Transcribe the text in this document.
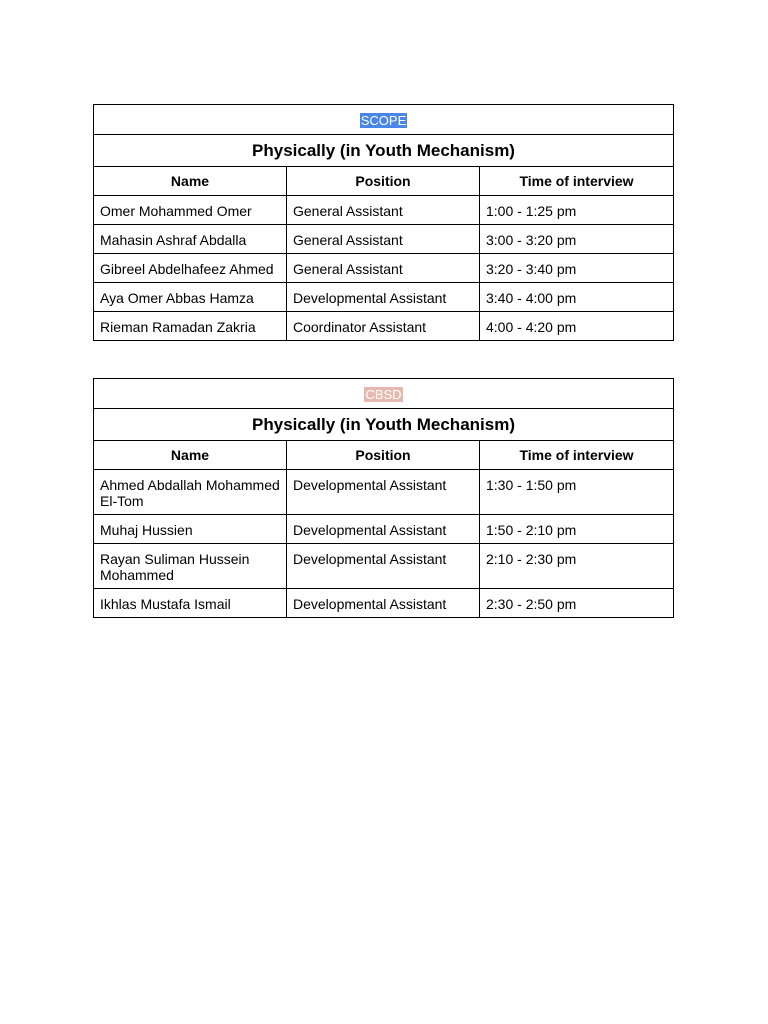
SCOPE		
Physically (in Youth Mechanism)		
Name	Position	Time of interview
Omer Mohammed Omer	General Assistant	1:00 - 1:25 pm
Mahasin Ashraf Abdalla	General Assistant	3:00 - 3:20 pm
Gibreel Abdelhafeez Ahmed	General Assistant	3:20 - 3:40 pm
Aya Omer Abbas Hamza	Developmental Assistant	3:40 - 4:00 pm
Rieman Ramadan Zakria	Coordinator Assistant	4:00 - 4:20 pm
CBSD		
Physically (in Youth Mechanism)		
Name	Position	Time of interview
Ahmed Abdallah Mohammed El-Tom	Developmental Assistant	1:30 - 1:50 pm
Muhaj Hussien	Developmental Assistant	1:50 - 2:10 pm
Rayan Suliman Hussein Mohammed	Developmental Assistant	2:10 - 2:30 pm
Ikhlas Mustafa Ismail	Developmental Assistant	2:30 - 2:50 pm
